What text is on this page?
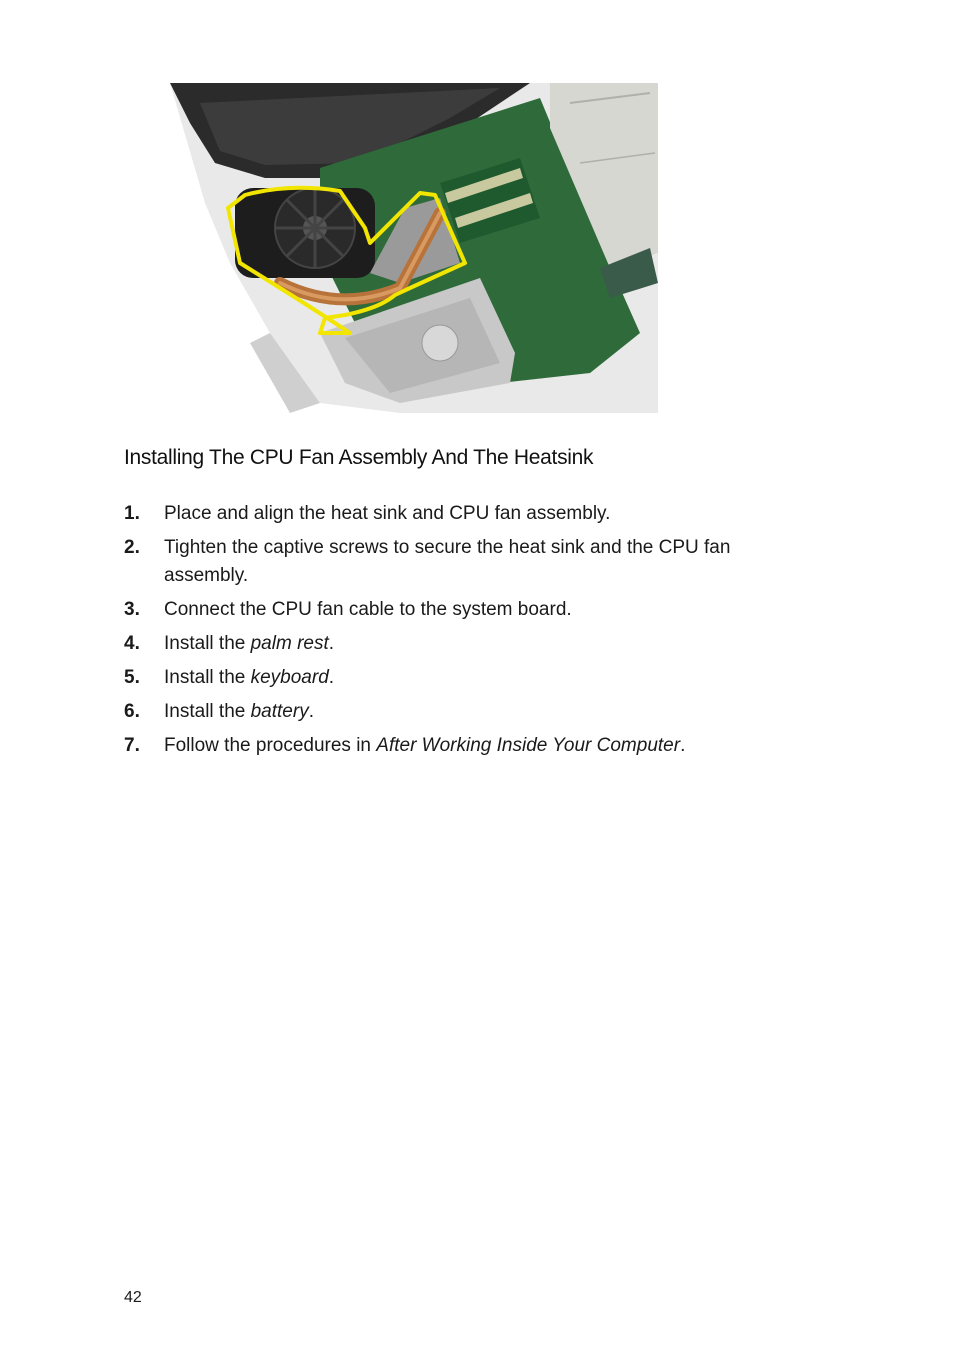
Installing The CPU Fan Assembly And The Heatsink
1. Place and align the heat sink and CPU fan assembly.
2. Tighten the captive screws to secure the heat sink and the CPU fan assembly.
3. Connect the CPU fan cable to the system board.
4. Install the palm rest.
5. Install the keyboard.
6. Install the battery.
7. Follow the procedures in After Working Inside Your Computer.
42
